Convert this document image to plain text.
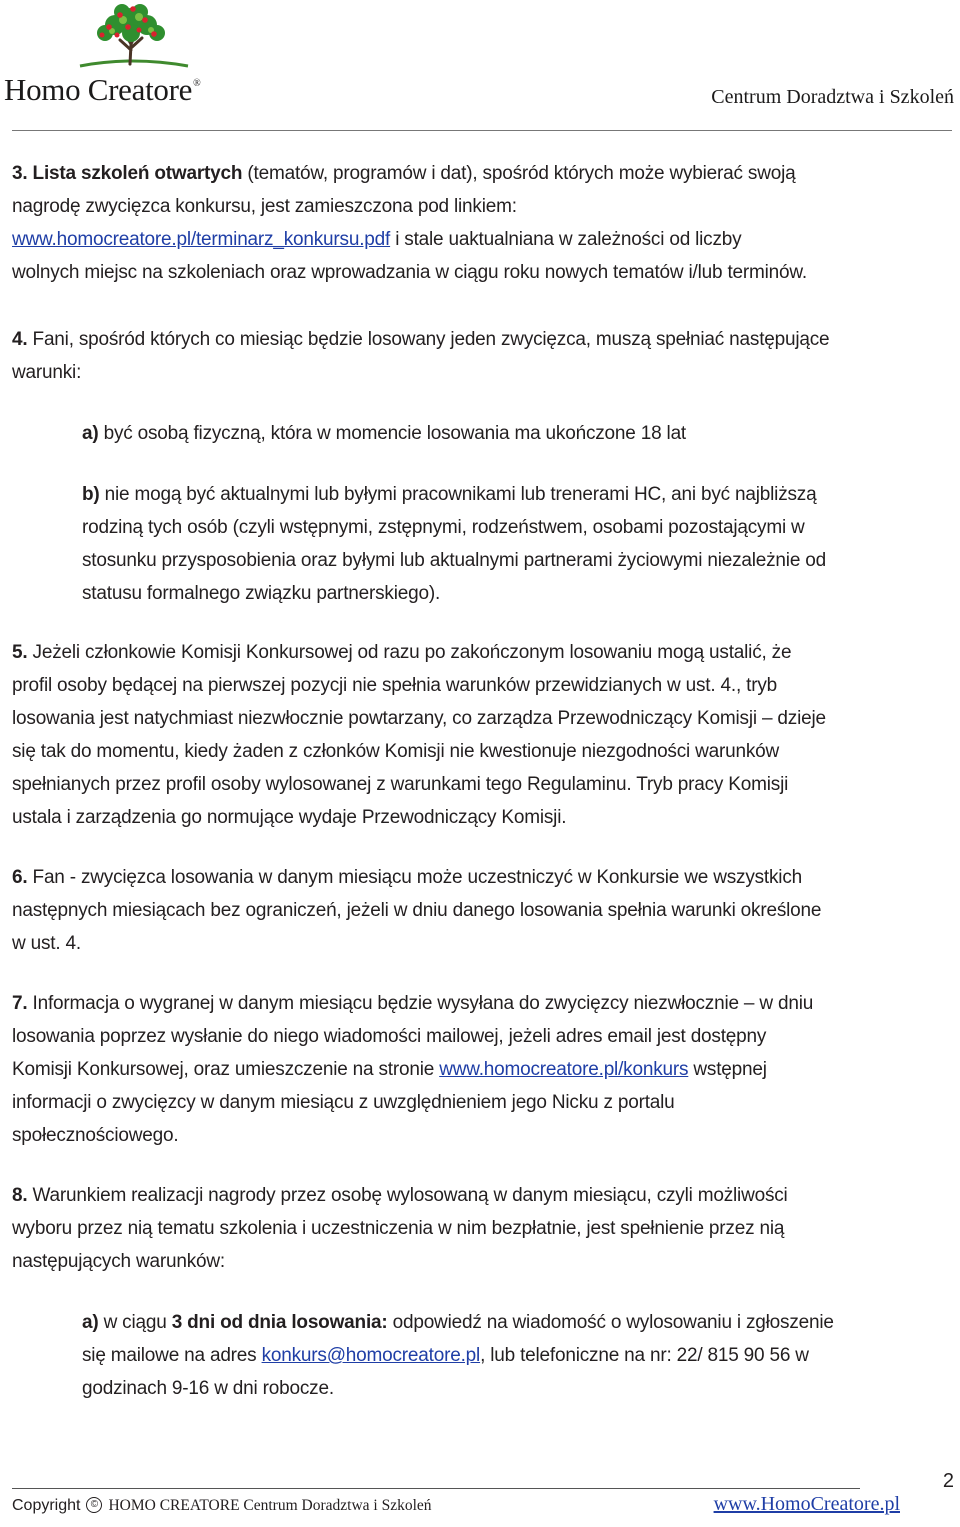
Homo Creatore®
Centrum Doradztwa i Szkoleń
3. Lista szkoleń otwartych (tematów, programów i dat), spośród których może wybierać swoją
nagrodę zwycięzca konkursu, jest zamieszczona pod linkiem:
www.homocreatore.pl/terminarz_konkursu.pdf i stale uaktualniana w zależności od liczby
wolnych miejsc na szkoleniach oraz wprowadzania w ciągu roku nowych tematów i/lub terminów.
4. Fani, spośród których co miesiąc będzie losowany jeden zwycięzca, muszą spełniać następujące
warunki:
a) być osobą fizyczną, która w momencie losowania ma ukończone 18 lat
b) nie mogą być aktualnymi lub byłymi pracownikami lub trenerami HC, ani być najbliższą
rodziną tych osób (czyli wstępnymi, zstępnymi, rodzeństwem, osobami pozostającymi w
stosunku przysposobienia oraz byłymi lub aktualnymi partnerami życiowymi niezależnie od
statusu formalnego związku partnerskiego).
5. Jeżeli członkowie Komisji Konkursowej od razu po zakończonym losowaniu mogą ustalić, że
profil osoby będącej na pierwszej pozycji nie spełnia warunków przewidzianych w ust. 4., tryb
losowania jest natychmiast niezwłocznie powtarzany, co zarządza Przewodniczący Komisji – dzieje
się tak do momentu, kiedy żaden z członków Komisji nie kwestionuje niezgodności warunków
spełnianych przez profil osoby wylosowanej z warunkami tego Regulaminu. Tryb pracy Komisji
ustala i zarządzenia go normujące wydaje Przewodniczący Komisji.
6. Fan - zwycięzca losowania w danym miesiącu może uczestniczyć w Konkursie we wszystkich
następnych miesiącach bez ograniczeń, jeżeli w dniu danego losowania spełnia warunki określone
w ust. 4.
7. Informacja o wygranej w danym miesiącu będzie wysyłana do zwycięzcy niezwłocznie – w dniu
losowania poprzez wysłanie do niego wiadomości mailowej, jeżeli adres email jest dostępny
Komisji Konkursowej, oraz umieszczenie na stronie www.homocreatore.pl/konkurs wstępnej
informacji o zwycięzcy w danym miesiącu z uwzględnieniem jego Nicku z portalu
społecznościowego.
8. Warunkiem realizacji nagrody przez osobę wylosowaną w danym miesiącu, czyli możliwości
wyboru przez nią tematu szkolenia i uczestniczenia w nim bezpłatnie, jest spełnienie przez nią
następujących warunków:
a) w ciągu 3 dni od dnia losowania: odpowiedź na wiadomość o wylosowaniu i zgłoszenie
się mailowe na adres konkurs@homocreatore.pl, lub telefoniczne na nr: 22/ 815 90 56 w
godzinach 9-16 w dni robocze.
2
Copyright © HOMO CREATORE Centrum Doradztwa i Szkoleń	www.HomoCreatore.pl
